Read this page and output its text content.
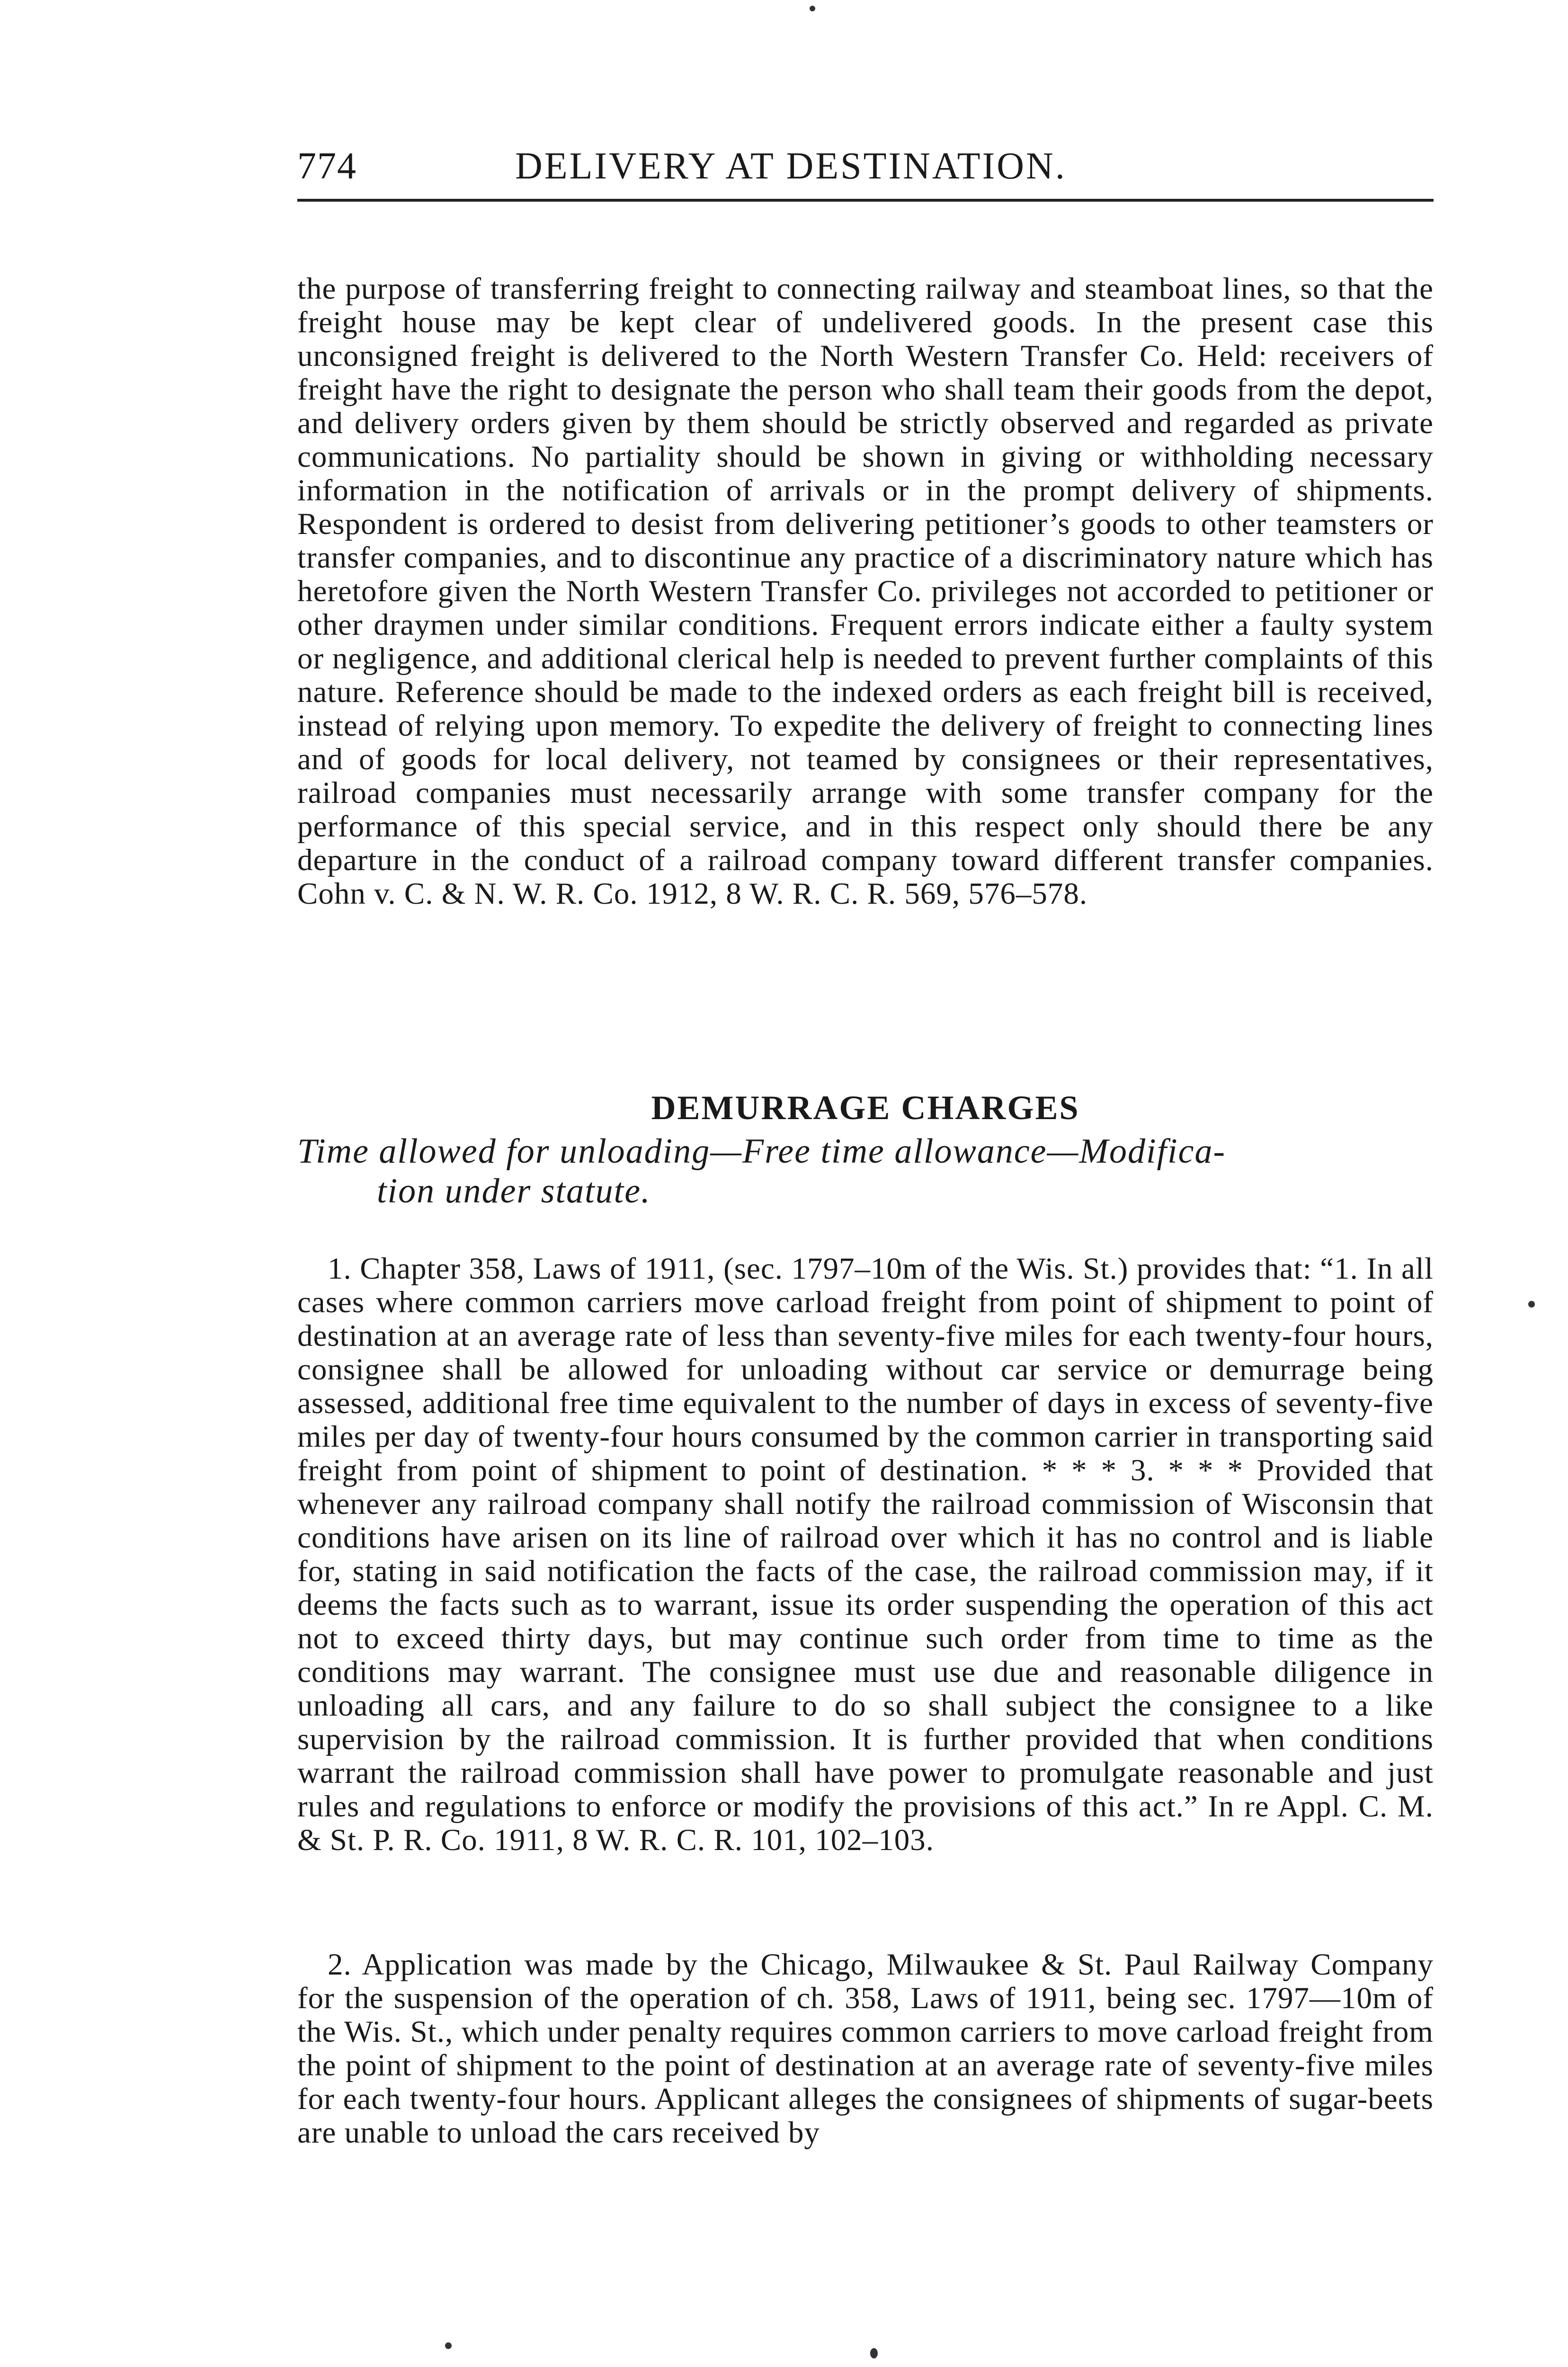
774	DELIVERY AT DESTINATION.

the purpose of transferring freight to connecting railway and steamboat lines, so that the freight house may be kept clear of undelivered goods. In the present case this unconsigned freight is delivered to the North Western Transfer Co. Held: receivers of freight have the right to designate the person who shall team their goods from the depot, and delivery orders given by them should be strictly observed and regarded as private communications. No partiality should be shown in giving or withholding necessary information in the notification of arrivals or in the prompt delivery of shipments. Respondent is ordered to desist from delivering petitioner’s goods to other teamsters or transfer companies, and to discontinue any practice of a discriminatory nature which has heretofore given the North Western Transfer Co. privileges not accorded to petitioner or other draymen under similar conditions. Frequent errors indicate either a faulty system or negligence, and additional clerical help is needed to prevent further complaints of this nature. Reference should be made to the indexed orders as each freight bill is received, instead of relying upon memory. To expedite the delivery of freight to connecting lines and of goods for local delivery, not teamed by consignees or their representatives, railroad companies must necessarily arrange with some transfer company for the performance of this special service, and in this respect only should there be any departure in the conduct of a railroad company toward different transfer companies. Cohn v. C. & N. W. R. Co. 1912, 8 W. R. C. R. 569, 576–578.

DEMURRAGE CHARGES
Time allowed for unloading—Free time allowance—Modifica-
tion under statute.

1. Chapter 358, Laws of 1911, (sec. 1797–10m of the Wis. St.) provides that: “1. In all cases where common carriers move carload freight from point of shipment to point of destination at an average rate of less than seventy-five miles for each twenty-four hours, consignee shall be allowed for unloading without car service or demurrage being assessed, additional free time equivalent to the number of days in excess of seventy-five miles per day of twenty-four hours consumed by the common carrier in transporting said freight from point of shipment to point of destination. * * * 3. * * * Provided that whenever any railroad company shall notify the railroad commission of Wisconsin that conditions have arisen on its line of railroad over which it has no control and is liable for, stating in said notification the facts of the case, the railroad commission may, if it deems the facts such as to warrant, issue its order suspending the operation of this act not to exceed thirty days, but may continue such order from time to time as the conditions may warrant. The consignee must use due and reasonable diligence in unloading all cars, and any failure to do so shall subject the consignee to a like supervision by the railroad commission. It is further provided that when conditions warrant the railroad commission shall have power to promulgate reasonable and just rules and regulations to enforce or modify the provisions of this act.” In re Appl. C. M. & St. P. R. Co. 1911, 8 W. R. C. R. 101, 102–103.

2. Application was made by the Chicago, Milwaukee & St. Paul Railway Company for the suspension of the operation of ch. 358, Laws of 1911, being sec. 1797—10m of the Wis. St., which under penalty requires common carriers to move carload freight from the point of shipment to the point of destination at an average rate of seventy-five miles for each twenty-four hours. Applicant alleges the consignees of shipments of sugar-beets are unable to unload the cars received by
